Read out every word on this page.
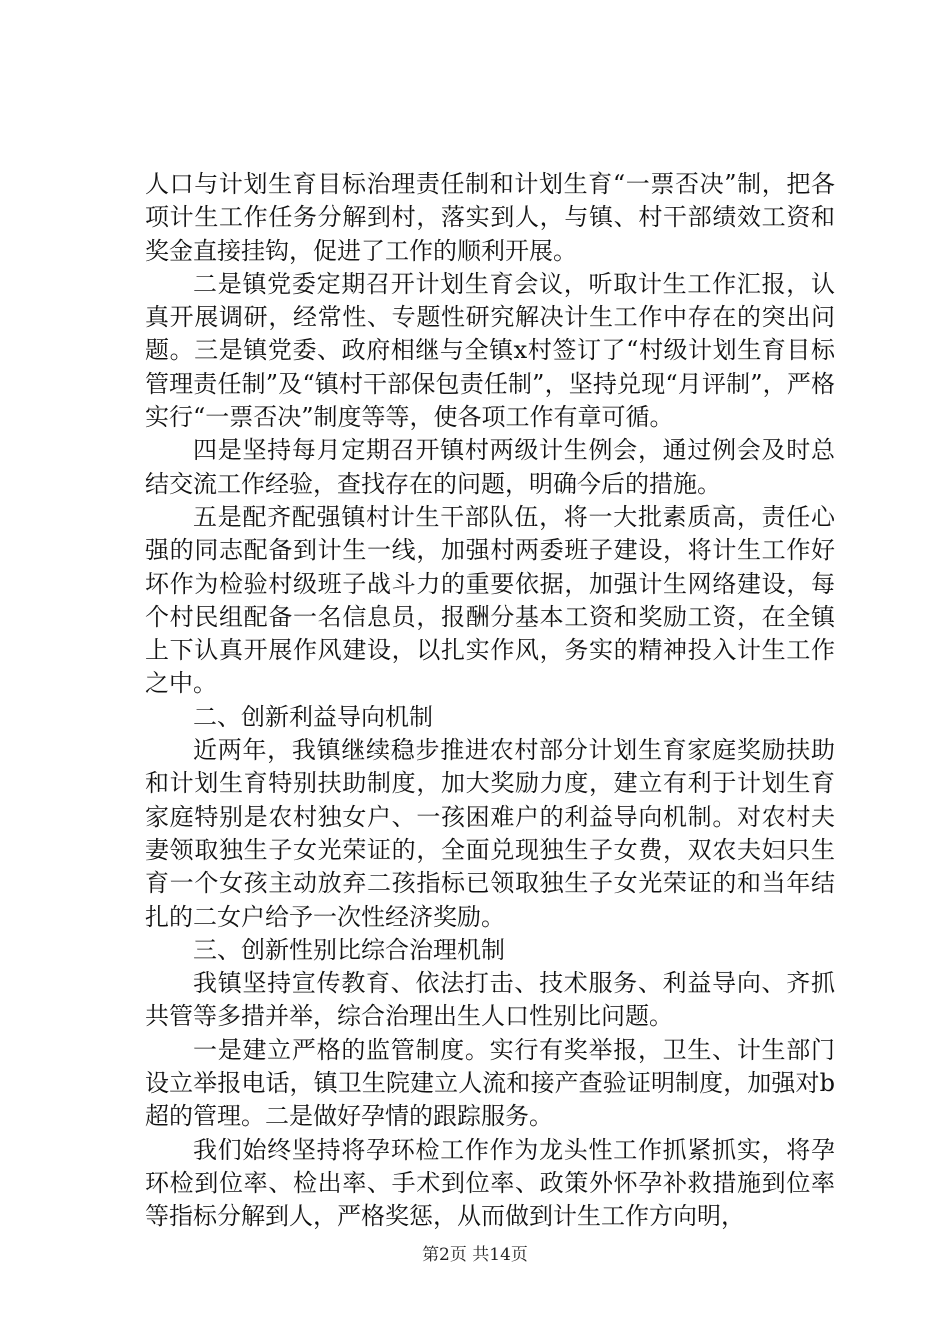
人口与计划生育目标治理责任制和计划生育“一票否决”制，把各项计生工作任务分解到村，落实到人，与镇、村干部绩效工资和奖金直接挂钩，促进了工作的顺利开展。

二是镇党委定期召开计划生育会议，听取计生工作汇报，认真开展调研，经常性、专题性研究解决计生工作中存在的突出问题。三是镇党委、政府相继与全镇x村签订了“村级计划生育目标管理责任制”及“镇村干部保包责任制”，坚持兑现“月评制”，严格实行“一票否决”制度等等，使各项工作有章可循。

四是坚持每月定期召开镇村两级计生例会，通过例会及时总结交流工作经验，查找存在的问题，明确今后的措施。

五是配齐配强镇村计生干部队伍，将一大批素质高，责任心强的同志配备到计生一线，加强村两委班子建设，将计生工作好坏作为检验村级班子战斗力的重要依据，加强计生网络建设，每个村民组配备一名信息员，报酬分基本工资和奖励工资，在全镇上下认真开展作风建设，以扎实作风，务实的精神投入计生工作之中。

二、创新利益导向机制

近两年，我镇继续稳步推进农村部分计划生育家庭奖励扶助和计划生育特别扶助制度，加大奖励力度，建立有利于计划生育家庭特别是农村独女户、一孩困难户的利益导向机制。对农村夫妻领取独生子女光荣证的，全面兑现独生子女费，双农夫妇只生育一个女孩主动放弃二孩指标已领取独生子女光荣证的和当年结扎的二女户给予一次性经济奖励。

三、创新性别比综合治理机制

我镇坚持宣传教育、依法打击、技术服务、利益导向、齐抓共管等多措并举，综合治理出生人口性别比问题。

一是建立严格的监管制度。实行有奖举报，卫生、计生部门设立举报电话，镇卫生院建立人流和接产查验证明制度，加强对b超的管理。二是做好孕情的跟踪服务。

我们始终坚持将孕环检工作作为龙头性工作抓紧抓实，将孕环检到位率、检出率、手术到位率、政策外怀孕补救措施到位率等指标分解到人，严格奖惩，从而做到计生工作方向明，

第2页 共14页
